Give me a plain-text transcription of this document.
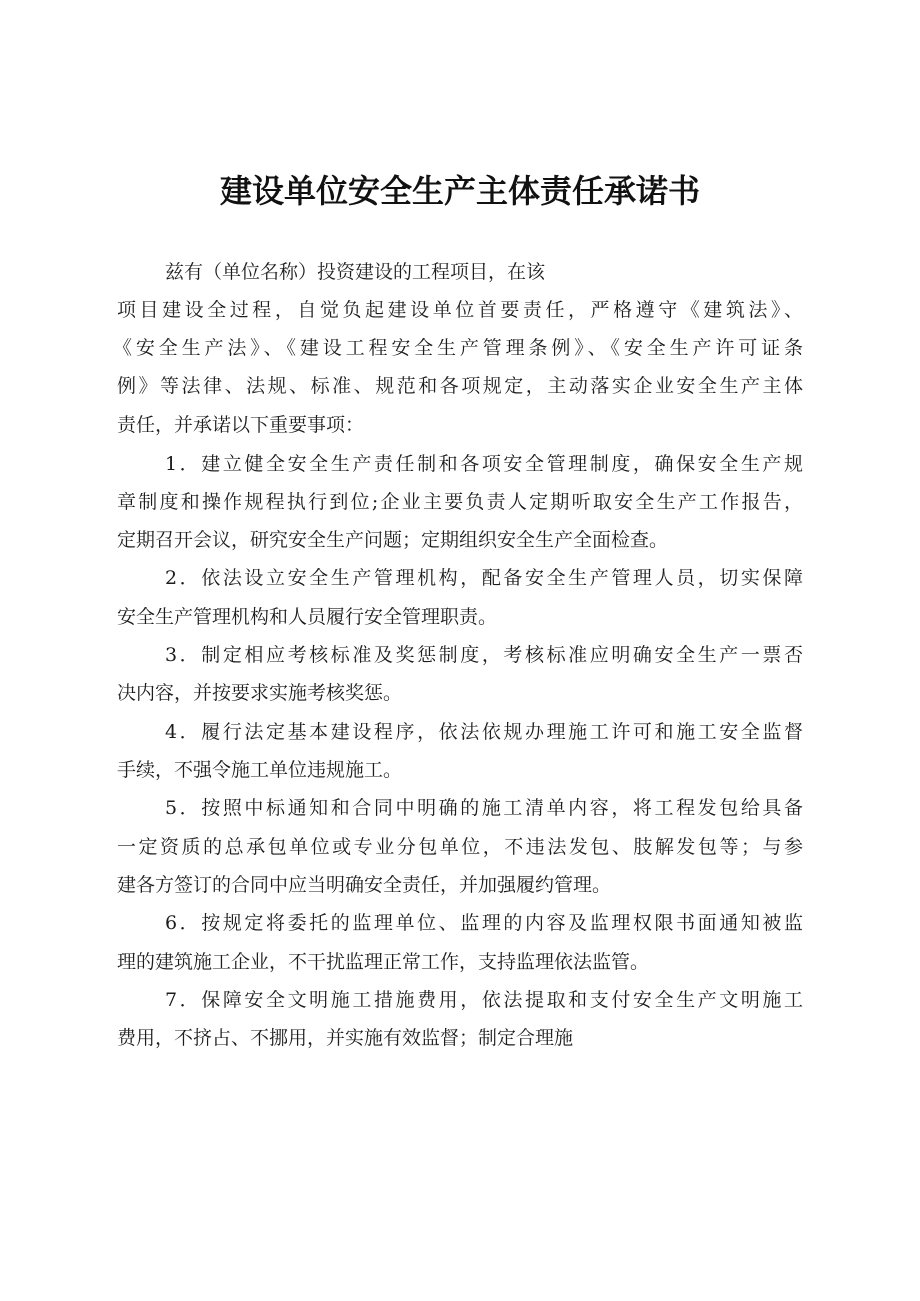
建设单位安全生产主体责任承诺书
兹有（单位名称）投资建设的工程项目，在该
项目建设全过程，自觉负起建设单位首要责任，严格遵守《建筑法》、
《安全生产法》、《建设工程安全生产管理条例》、《安全生产许可证条
例》等法律、法规、标准、规范和各项规定，主动落实企业安全生产主体
责任，并承诺以下重要事项：
1．建立健全安全生产责任制和各项安全管理制度，确保安全生产规
章制度和操作规程执行到位;企业主要负责人定期听取安全生产工作报告，
定期召开会议，研究安全生产问题；定期组织安全生产全面检查。
2．依法设立安全生产管理机构，配备安全生产管理人员，切实保障
安全生产管理机构和人员履行安全管理职责。
3．制定相应考核标准及奖惩制度，考核标准应明确安全生产一票否
决内容，并按要求实施考核奖惩。
4．履行法定基本建设程序，依法依规办理施工许可和施工安全监督
手续，不强令施工单位违规施工。
5．按照中标通知和合同中明确的施工清单内容，将工程发包给具备
一定资质的总承包单位或专业分包单位，不违法发包、肢解发包等；与参
建各方签订的合同中应当明确安全责任，并加强履约管理。
6．按规定将委托的监理单位、监理的内容及监理权限书面通知被监
理的建筑施工企业，不干扰监理正常工作，支持监理依法监管。
7．保障安全文明施工措施费用，依法提取和支付安全生产文明施工
费用，不挤占、不挪用，并实施有效监督；制定合理施
